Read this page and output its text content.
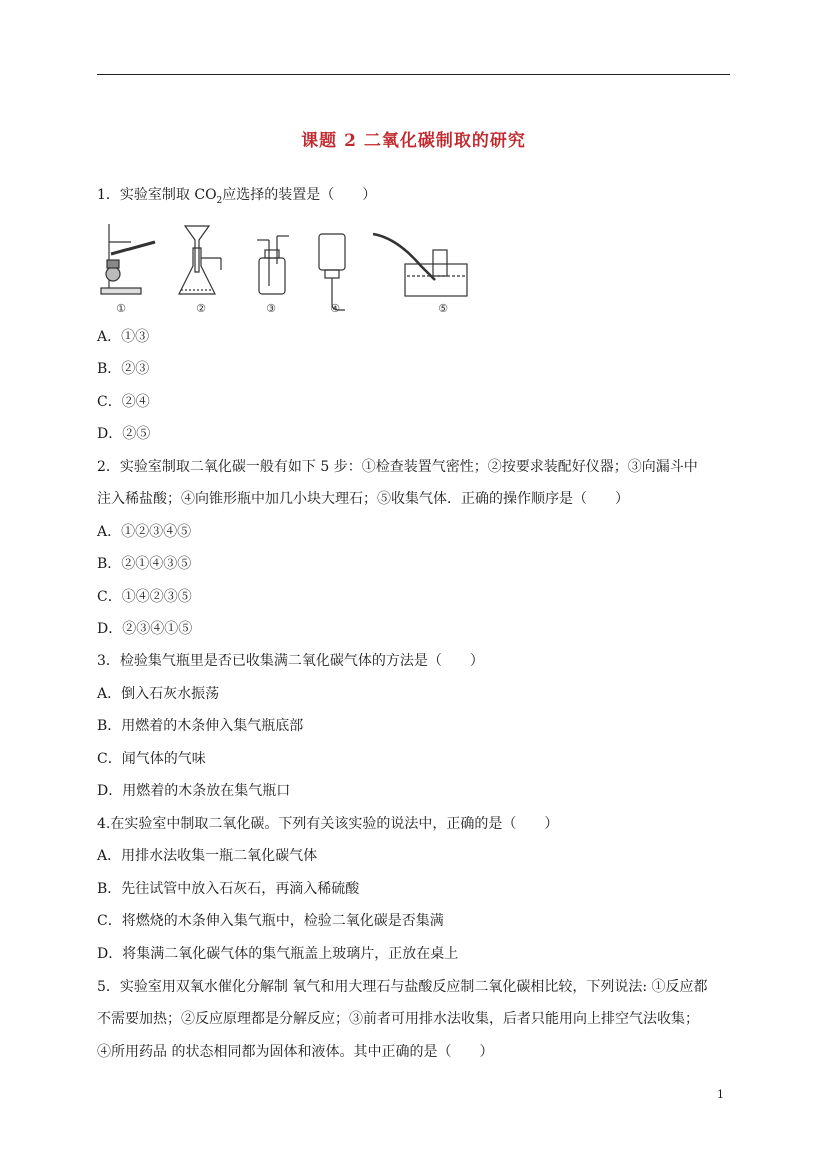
课题 2 二氧化碳制取的研究
1．实验室制取 $CO_2$应选择的装置是（　　）
①	②	③	④	⑤
A．①③
B．②③
C．②④
D．②⑤
2．实验室制取二氧化碳一般有如下 5 步：①检查装置气密性；②按要求装配好仪器；③向漏斗中
注入稀盐酸；④向锥形瓶中加几小块大理石；⑤收集气体．正确的操作顺序是（　　）
A．①②③④⑤
B．②①④③⑤
C．①④②③⑤
D．②③④①⑤
3．检验集气瓶里是否已收集满二氧化碳气体的方法是（　　）
A．倒入石灰水振荡
B．用燃着的木条伸入集气瓶底部
C．闻气体的气味
D．用燃着的木条放在集气瓶口
4.在实验室中制取二氧化碳。下列有关该实验的说法中，正确的是（　　）
A．用排水法收集一瓶二氧化碳气体
B．先往试管中放入石灰石，再滴入稀硫酸
C．将燃烧的木条伸入集气瓶中，检验二氧化碳是否集满
D．将集满二氧化碳气体的集气瓶盖上玻璃片，正放在桌上
5．实验室用双氧水催化分解制 氧气和用大理石与盐酸反应制二氧化碳相比较，下列说法: ①反应都
不需要加热；②反应原理都是分解反应；③前者可用排水法收集，后者只能用向上排空气法收集；
④所用药品 的状态相同都为固体和液体。其中正确的是（　　）
1
